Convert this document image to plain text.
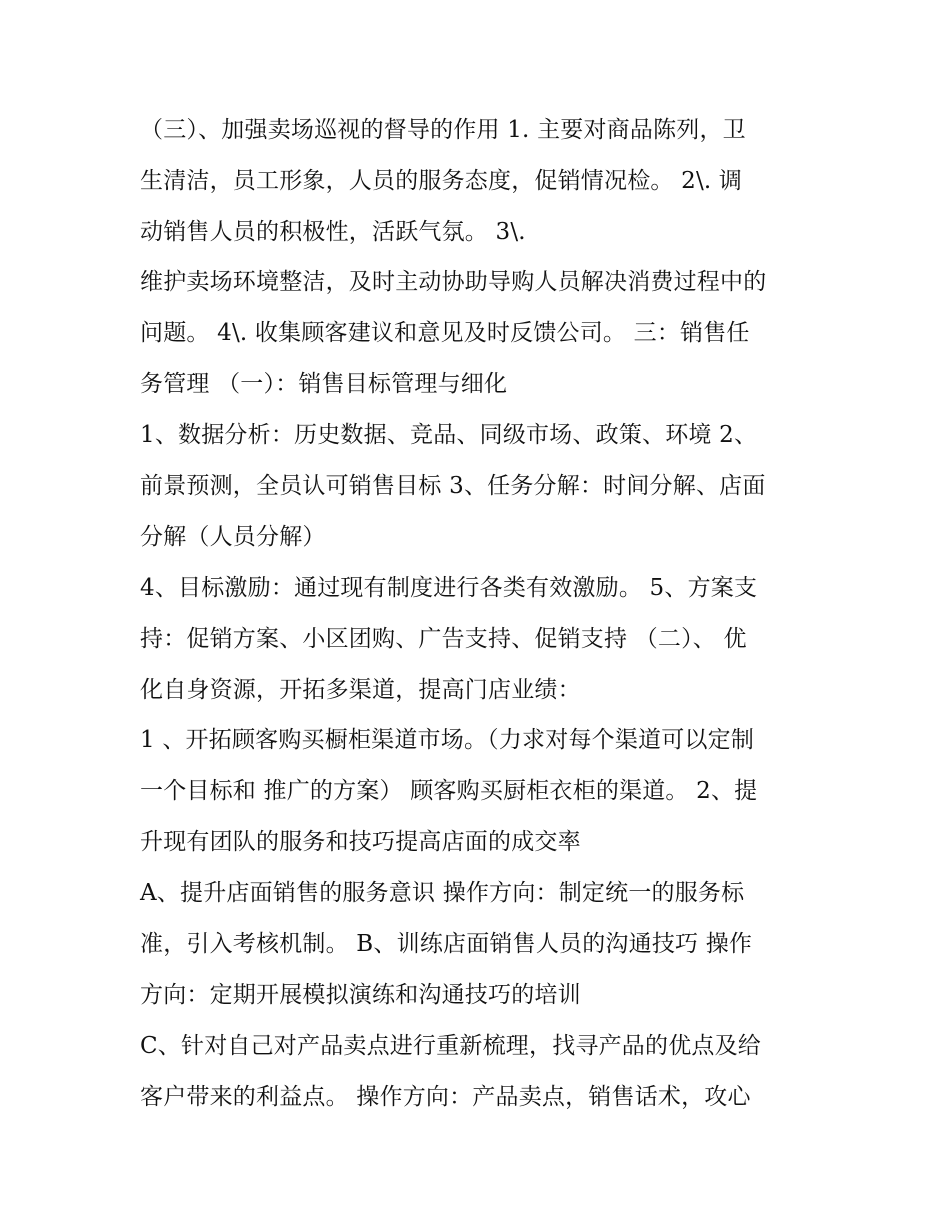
（三）、加强卖场巡视的督导的作用 1. 主要对商品陈列，卫
生清洁，员工形象，人员的服务态度，促销情况检。 2\. 调
动销售人员的积极性，活跃气氛。 3\.
维护卖场环境整洁，及时主动协助导购人员解决消费过程中的
问题。 4\. 收集顾客建议和意见及时反馈公司。 三：销售任
务管理 （一）：销售目标管理与细化
1、数据分析：历史数据、竞品、同级市场、政策、环境 2、
前景预测，全员认可销售目标 3、任务分解：时间分解、店面
分解（人员分解）
4、目标激励：通过现有制度进行各类有效激励。 5、方案支
持：促销方案、小区团购、广告支持、促销支持 （二）、 优
化自身资源，开拓多渠道，提高门店业绩：
1 、开拓顾客购买橱柜渠道市场。（力求对每个渠道可以定制
一个目标和 推广的方案） 顾客购买厨柜衣柜的渠道。 2、提
升现有团队的服务和技巧提高店面的成交率
A、提升店面销售的服务意识 操作方向：制定统一的服务标
准，引入考核机制。 B、训练店面销售人员的沟通技巧 操作
方向：定期开展模拟演练和沟通技巧的培训
C、针对自己对产品卖点进行重新梳理，找寻产品的优点及给
客户带来的利益点。 操作方向：产品卖点，销售话术，攻心
